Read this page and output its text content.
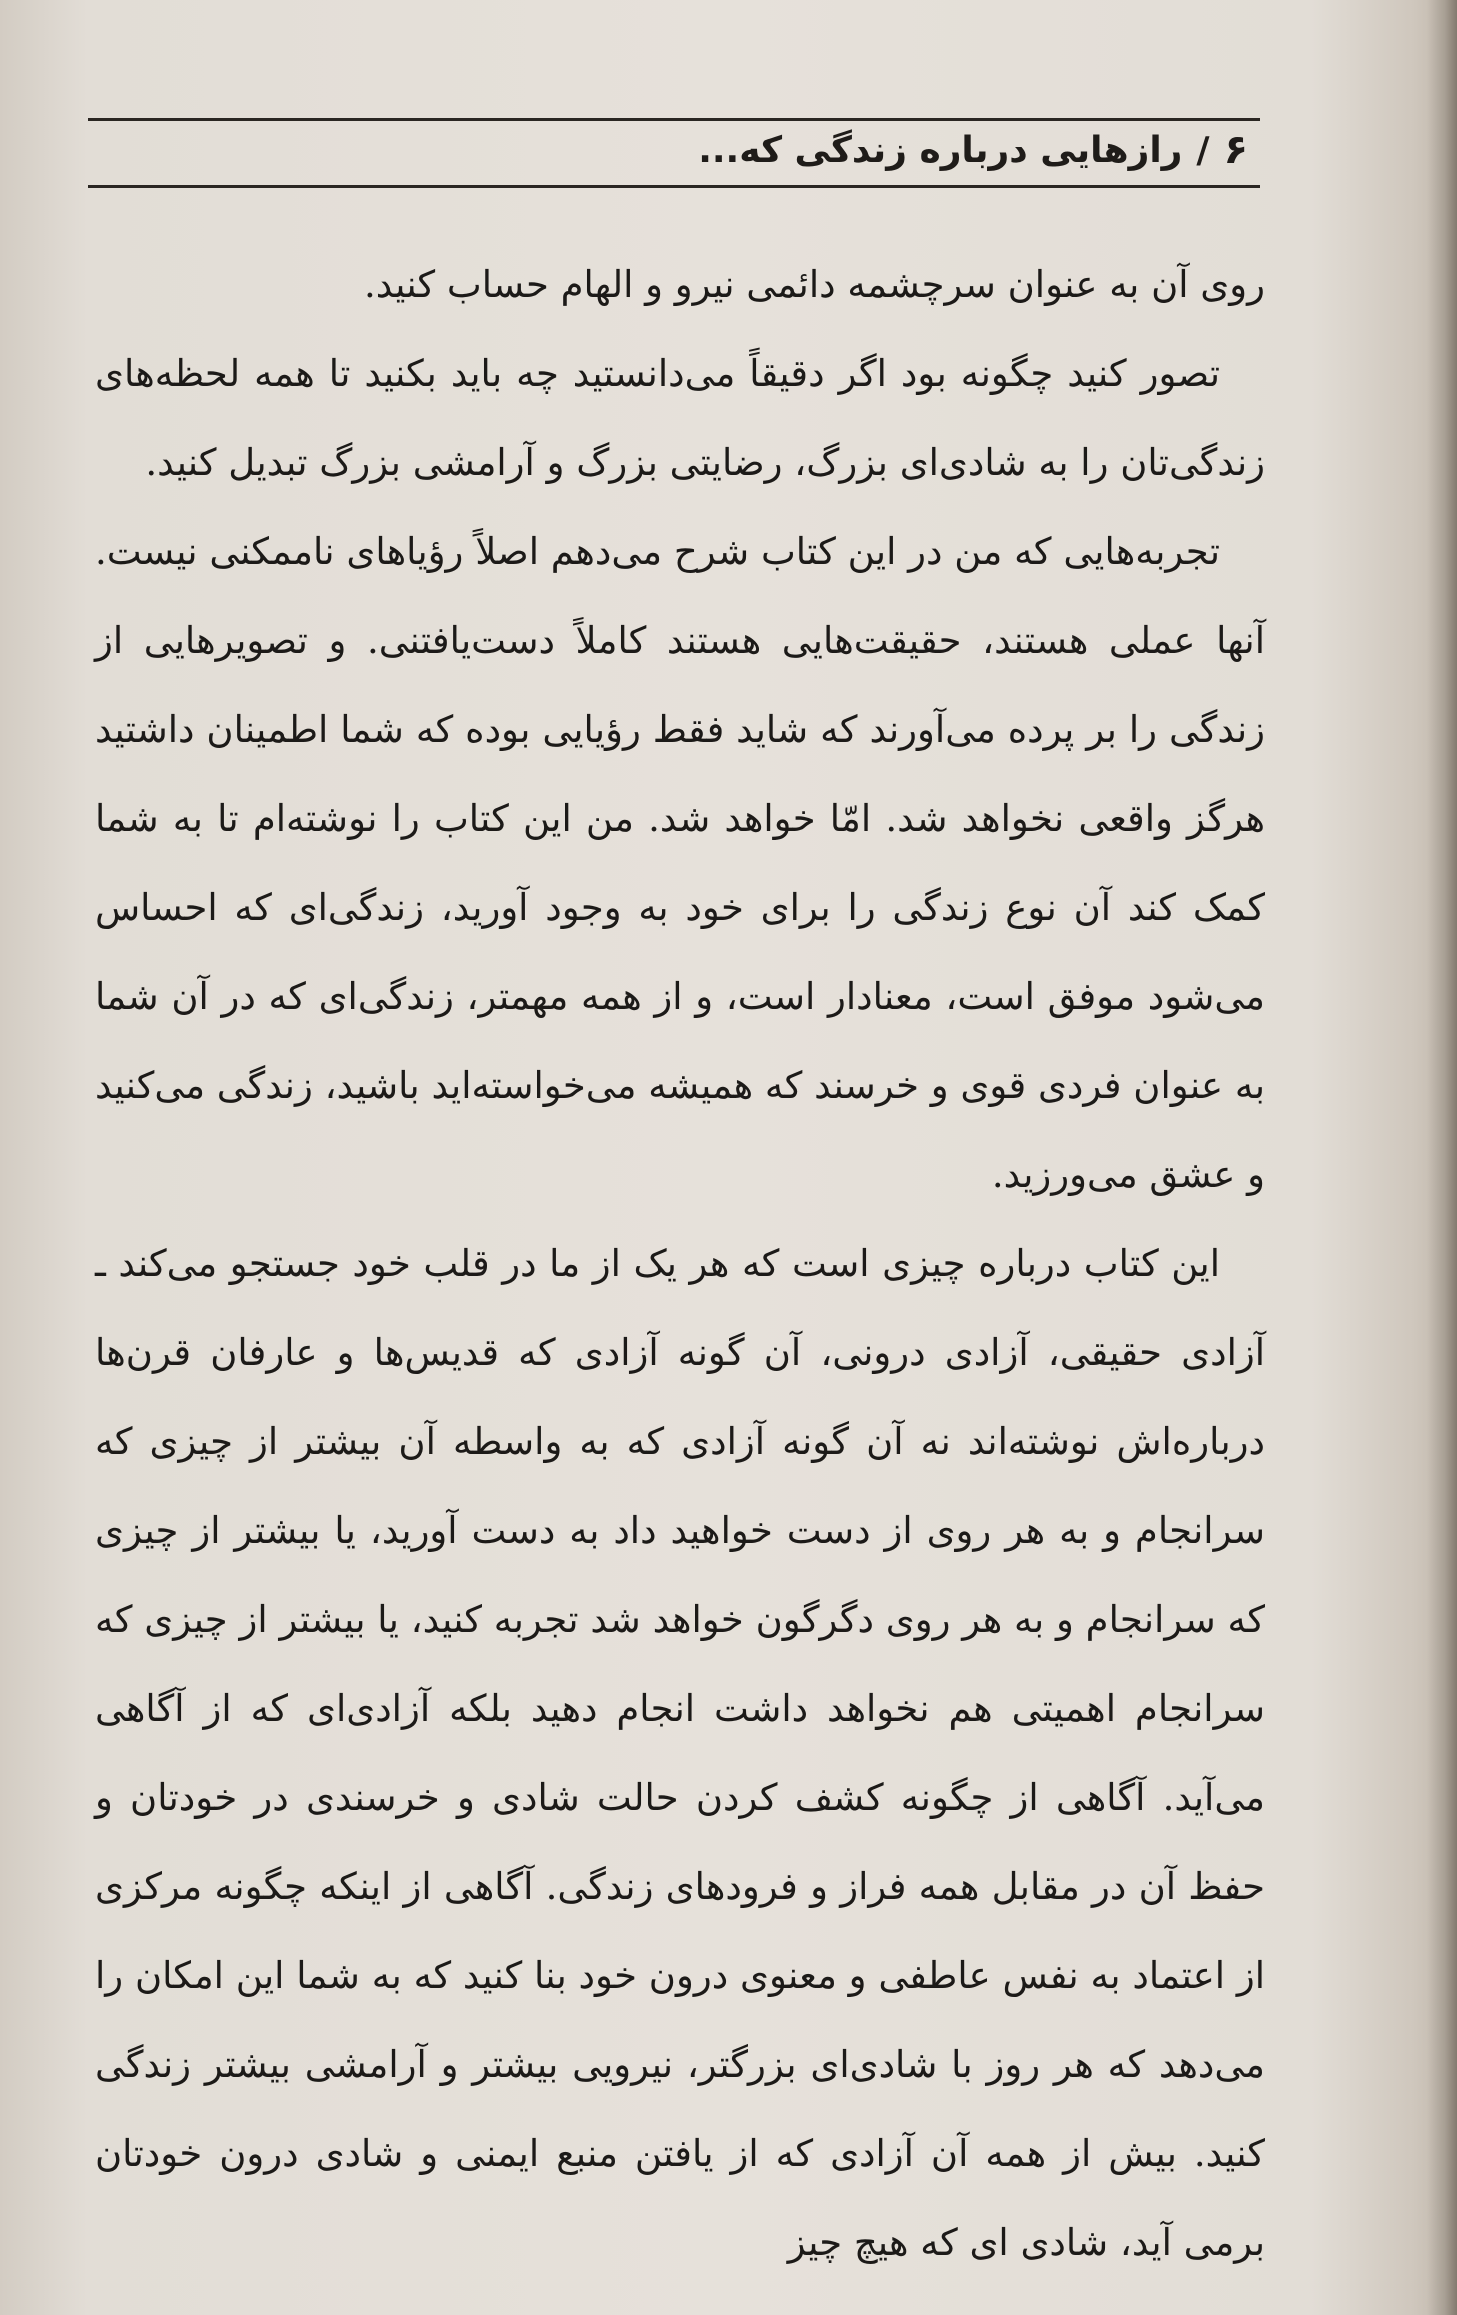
۶
/
رازهایی درباره زندگی که...

روی آن به عنوان سرچشمه دائمی نیرو و الهام حساب کنید.

تصور کنید چگونه بود اگر دقیقاً می‌دانستید چه باید بکنید تا همه لحظه‌های زندگی‌تان را به شادی‌ای بزرگ، رضایتی بزرگ و آرامشی بزرگ تبدیل کنید.

تجربه‌هایی که من در این کتاب شرح می‌دهم اصلاً رؤیاهای ناممکنی نیست. آنها عملی هستند، حقیقت‌هایی هستند کاملاً دست‌یافتنی. و تصویرهایی از زندگی را بر پرده می‌آورند که شاید فقط رؤیایی بوده که شما اطمینان داشتید هرگز واقعی نخواهد شد. امّا خواهد شد. من این کتاب را نوشته‌ام تا به شما کمک کند آن نوع زندگی را برای خود به وجود آورید، زندگی‌ای که احساس می‌شود موفق است، معنادار است، و از همه مهمتر، زندگی‌ای که در آن شما به عنوان فردی قوی و خرسند که همیشه می‌خواسته‌اید باشید، زندگی می‌کنید و عشق می‌ورزید.

این کتاب درباره چیزی است که هر یک از ما در قلب خود جستجو می‌کند ـ آزادی حقیقی، آزادی درونی، آن گونه آزادی که قدیس‌ها و عارفان قرن‌ها درباره‌اش نوشته‌اند نه آن گونه آزادی که به واسطه آن بیشتر از چیزی که سرانجام و به هر روی از دست خواهید داد به دست آورید، یا بیشتر از چیزی که سرانجام و به هر روی دگرگون خواهد شد تجربه کنید، یا بیشتر از چیزی که سرانجام اهمیتی هم نخواهد داشت انجام دهید بلکه آزادی‌ای که از آگاهی می‌آید. آگاهی از چگونه کشف کردن حالت شادی و خرسندی در خودتان و حفظ آن در مقابل همه فراز و فرودهای زندگی. آگاهی از اینکه چگونه مرکزی از اعتماد به نفس عاطفی و معنوی درون خود بنا کنید که به شما این امکان را می‌دهد که هر روز با شادی‌ای بزرگتر، نیرویی بیشتر و آرامشی بیشتر زندگی کنید. بیش از همه آن آزادی که از یافتن منبع ایمنی و شادی درون خودتان برمی آید، شادی ای که هیچ چیز
